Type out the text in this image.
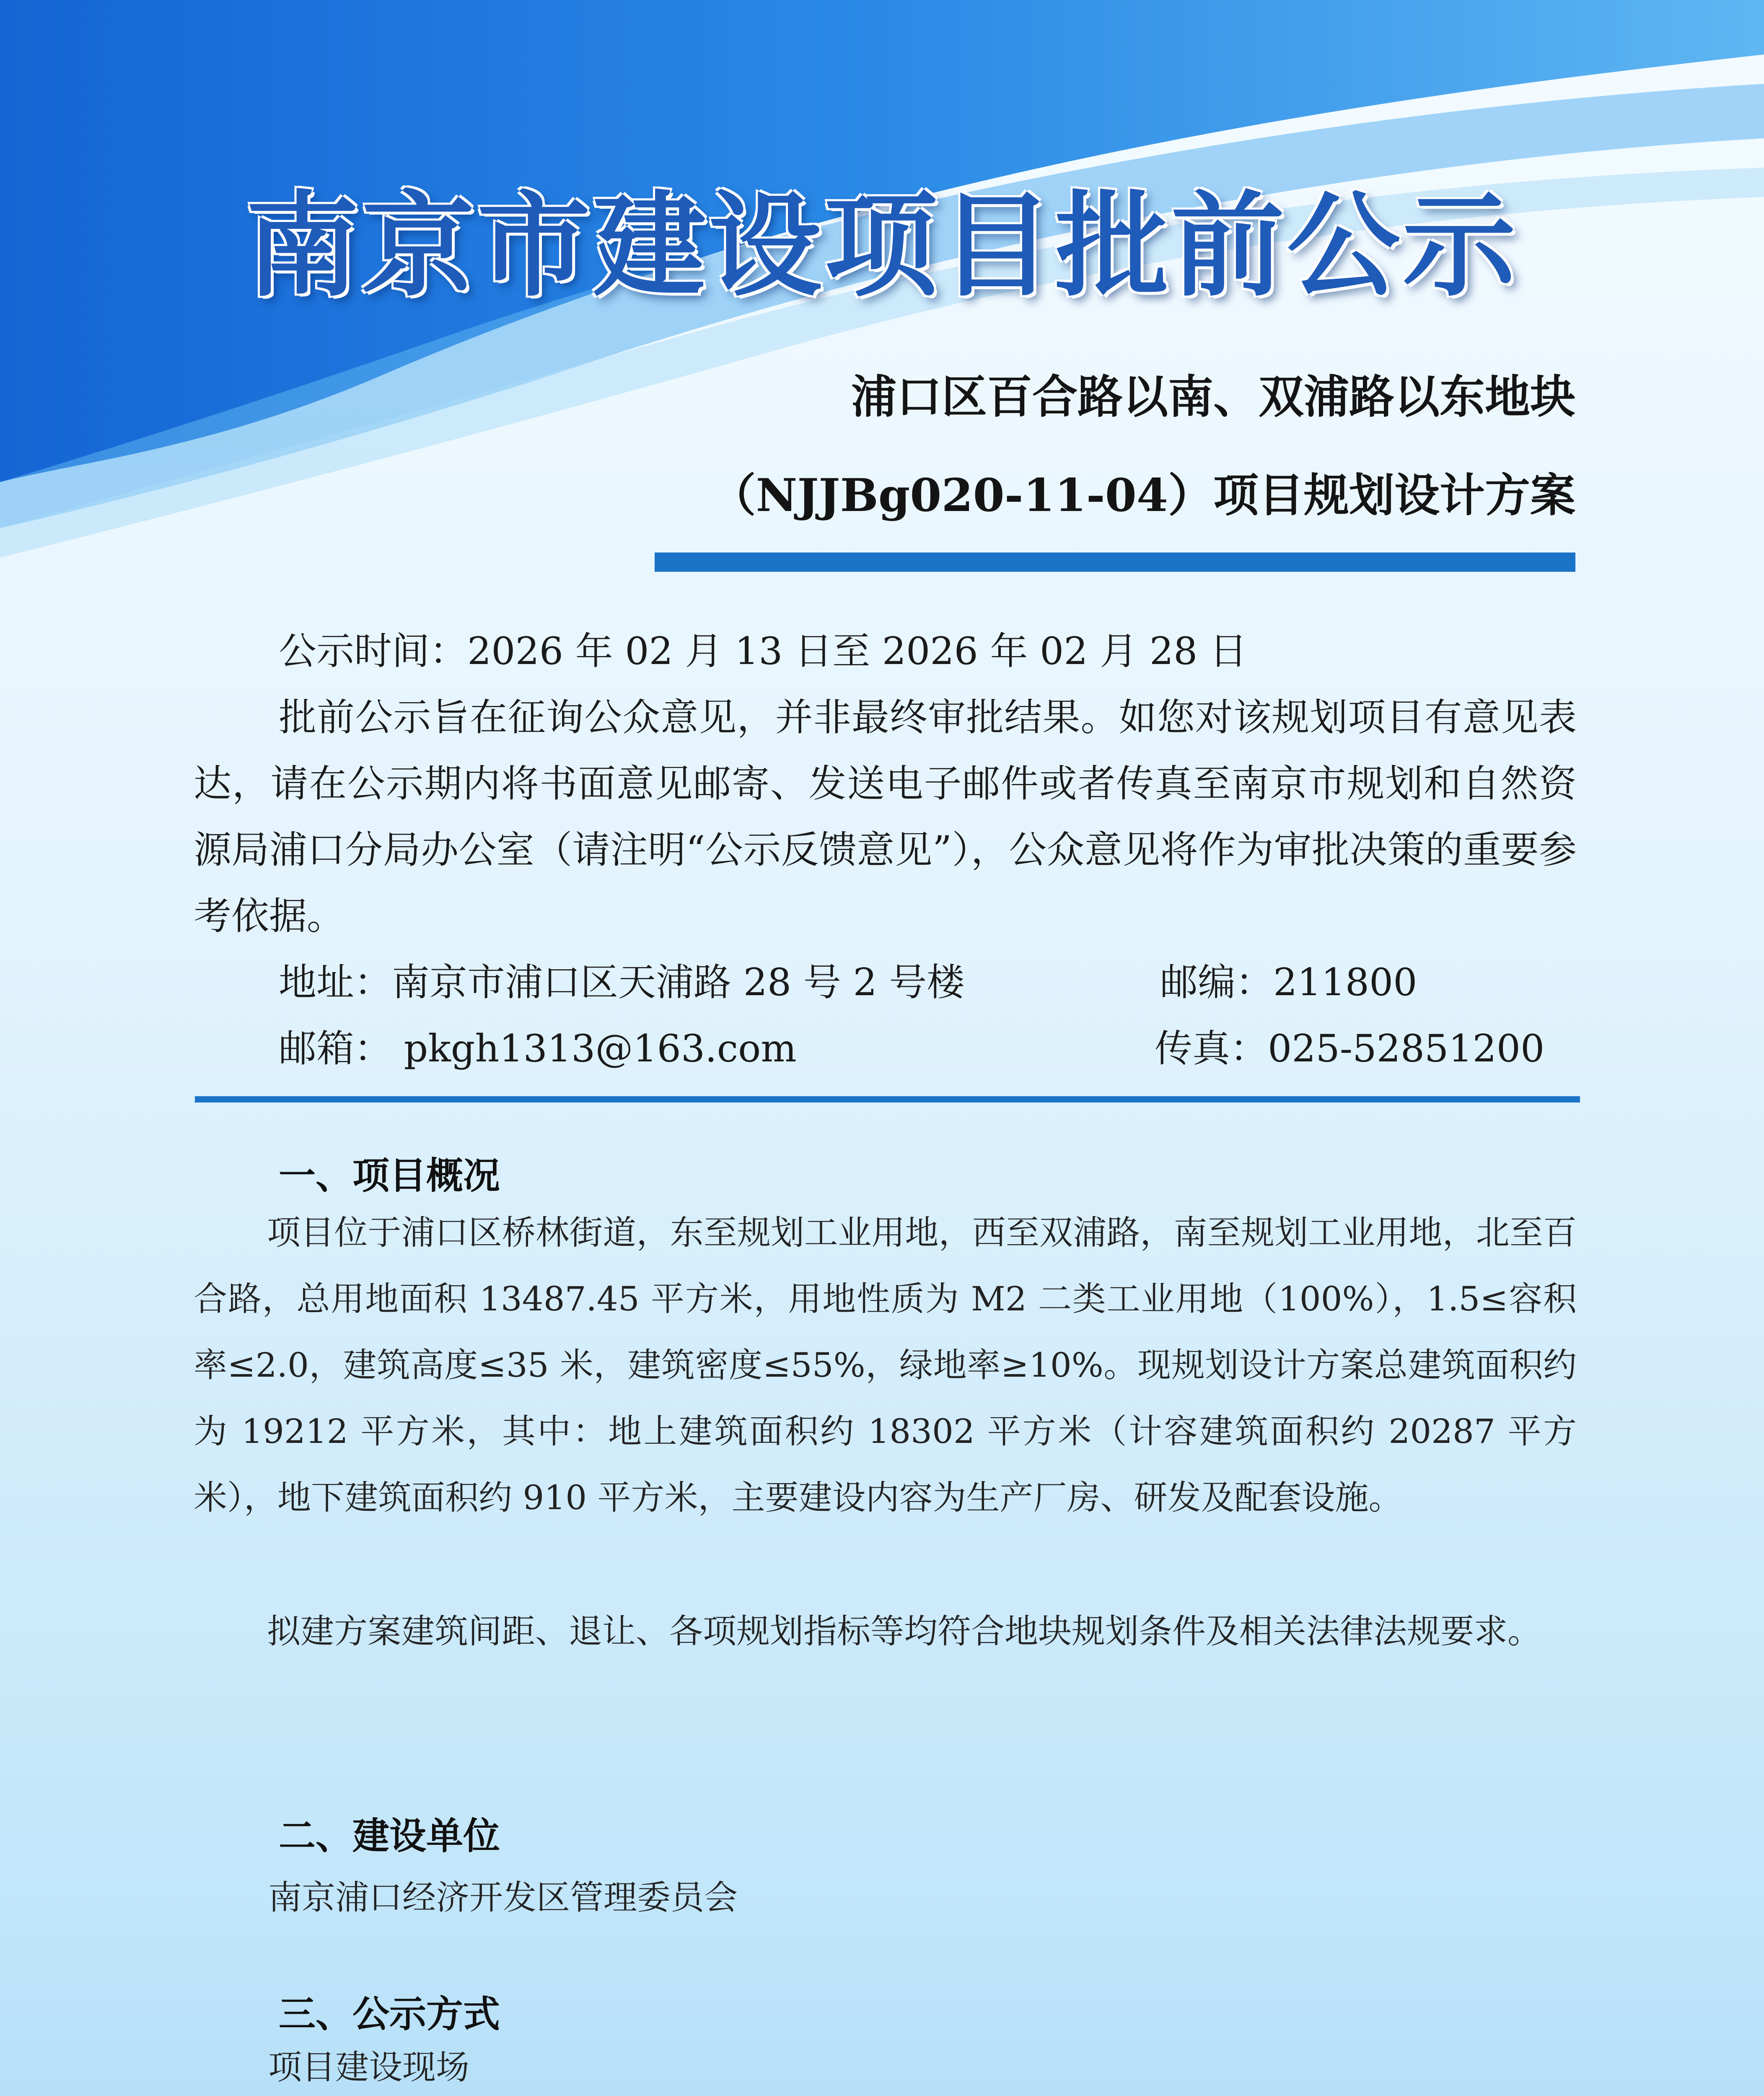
南京市建设项目批前公示
浦口区百合路以南、双浦路以东地块
（NJJBg020-11-04）项目规划设计方案
公示时间：2026 年 02 月 13 日至 2026 年 02 月 28 日
批前公示旨在征询公众意见，并非最终审批结果。如您对该规划项目有意见表达，请在公示期内将书面意见邮寄、发送电子邮件或者传真至南京市规划和自然资源局浦口分局办公室（请注明“公示反馈意见”），公众意见将作为审批决策的重要参考依据。
地址：南京市浦口区天浦路 28 号 2 号楼	邮编：211800
邮箱： pkgh1313@163.com	传真：025-52851200
一、项目概况
项目位于浦口区桥林街道，东至规划工业用地，西至双浦路，南至规划工业用地，北至百合路，总用地面积 13487.45 平方米，用地性质为 M2 二类工业用地（100%），1.5≤容积率≤2.0，建筑高度≤35 米，建筑密度≤55%，绿地率≥10%。现规划设计方案总建筑面积约为 19212 平方米，其中：地上建筑面积约 18302 平方米（计容建筑面积约 20287 平方米），地下建筑面积约 910 平方米，主要建设内容为生产厂房、研发及配套设施。
拟建方案建筑间距、退让、各项规划指标等均符合地块规划条件及相关法律法规要求。
二、建设单位
南京浦口经济开发区管理委员会
三、公示方式
项目建设现场
